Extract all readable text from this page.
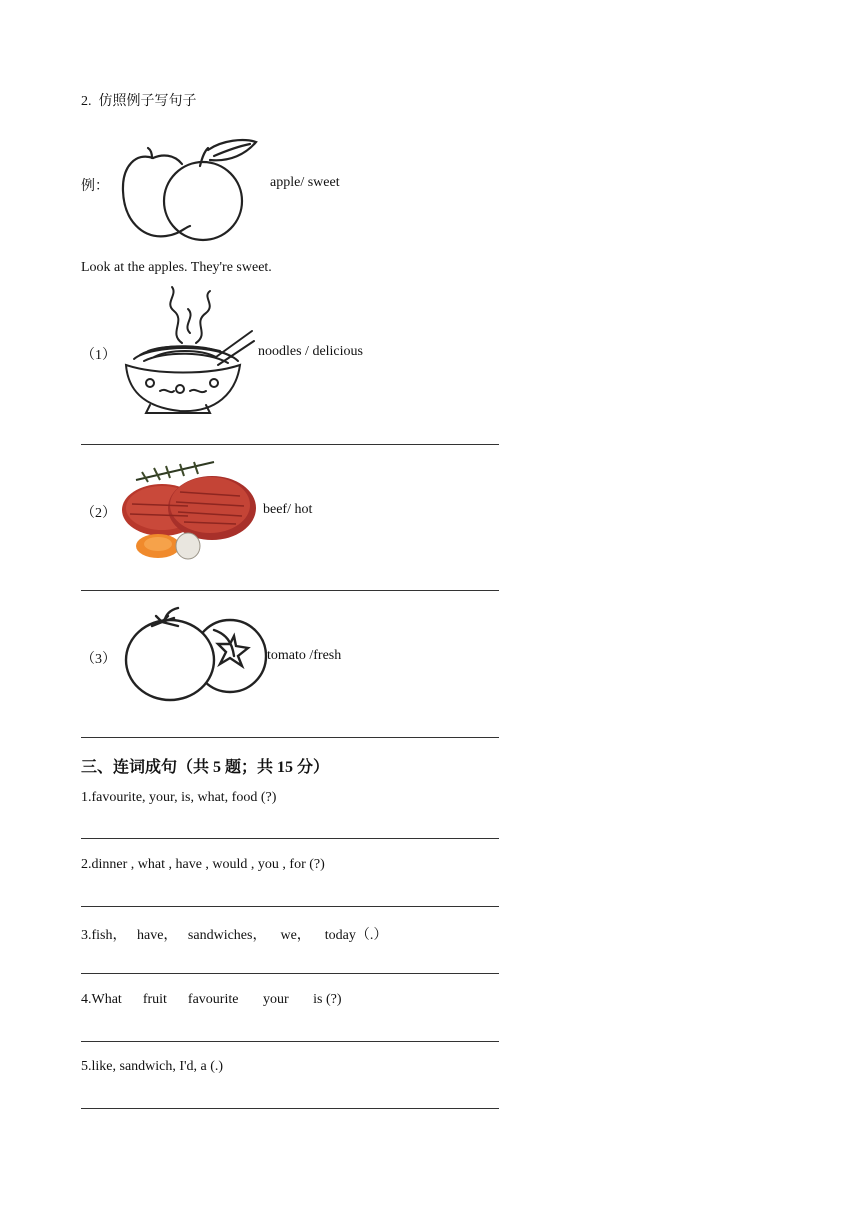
2.  仿照例子写句子
例：	apple/ sweet
Look at the apples. They're sweet.
（1）	noodles / delicious
（2）	beef/ hot
（3）	tomato /fresh
三、连词成句（共 5 题；共 15 分）
1.favourite, your, is, what, food (?)
2.dinner , what , have , would , you , for (?)
3.fish，   have，   sandwiches，    we，    today（.）
4.What      fruit      favourite       your       is (?)
5.like, sandwich, I'd, a (.)
